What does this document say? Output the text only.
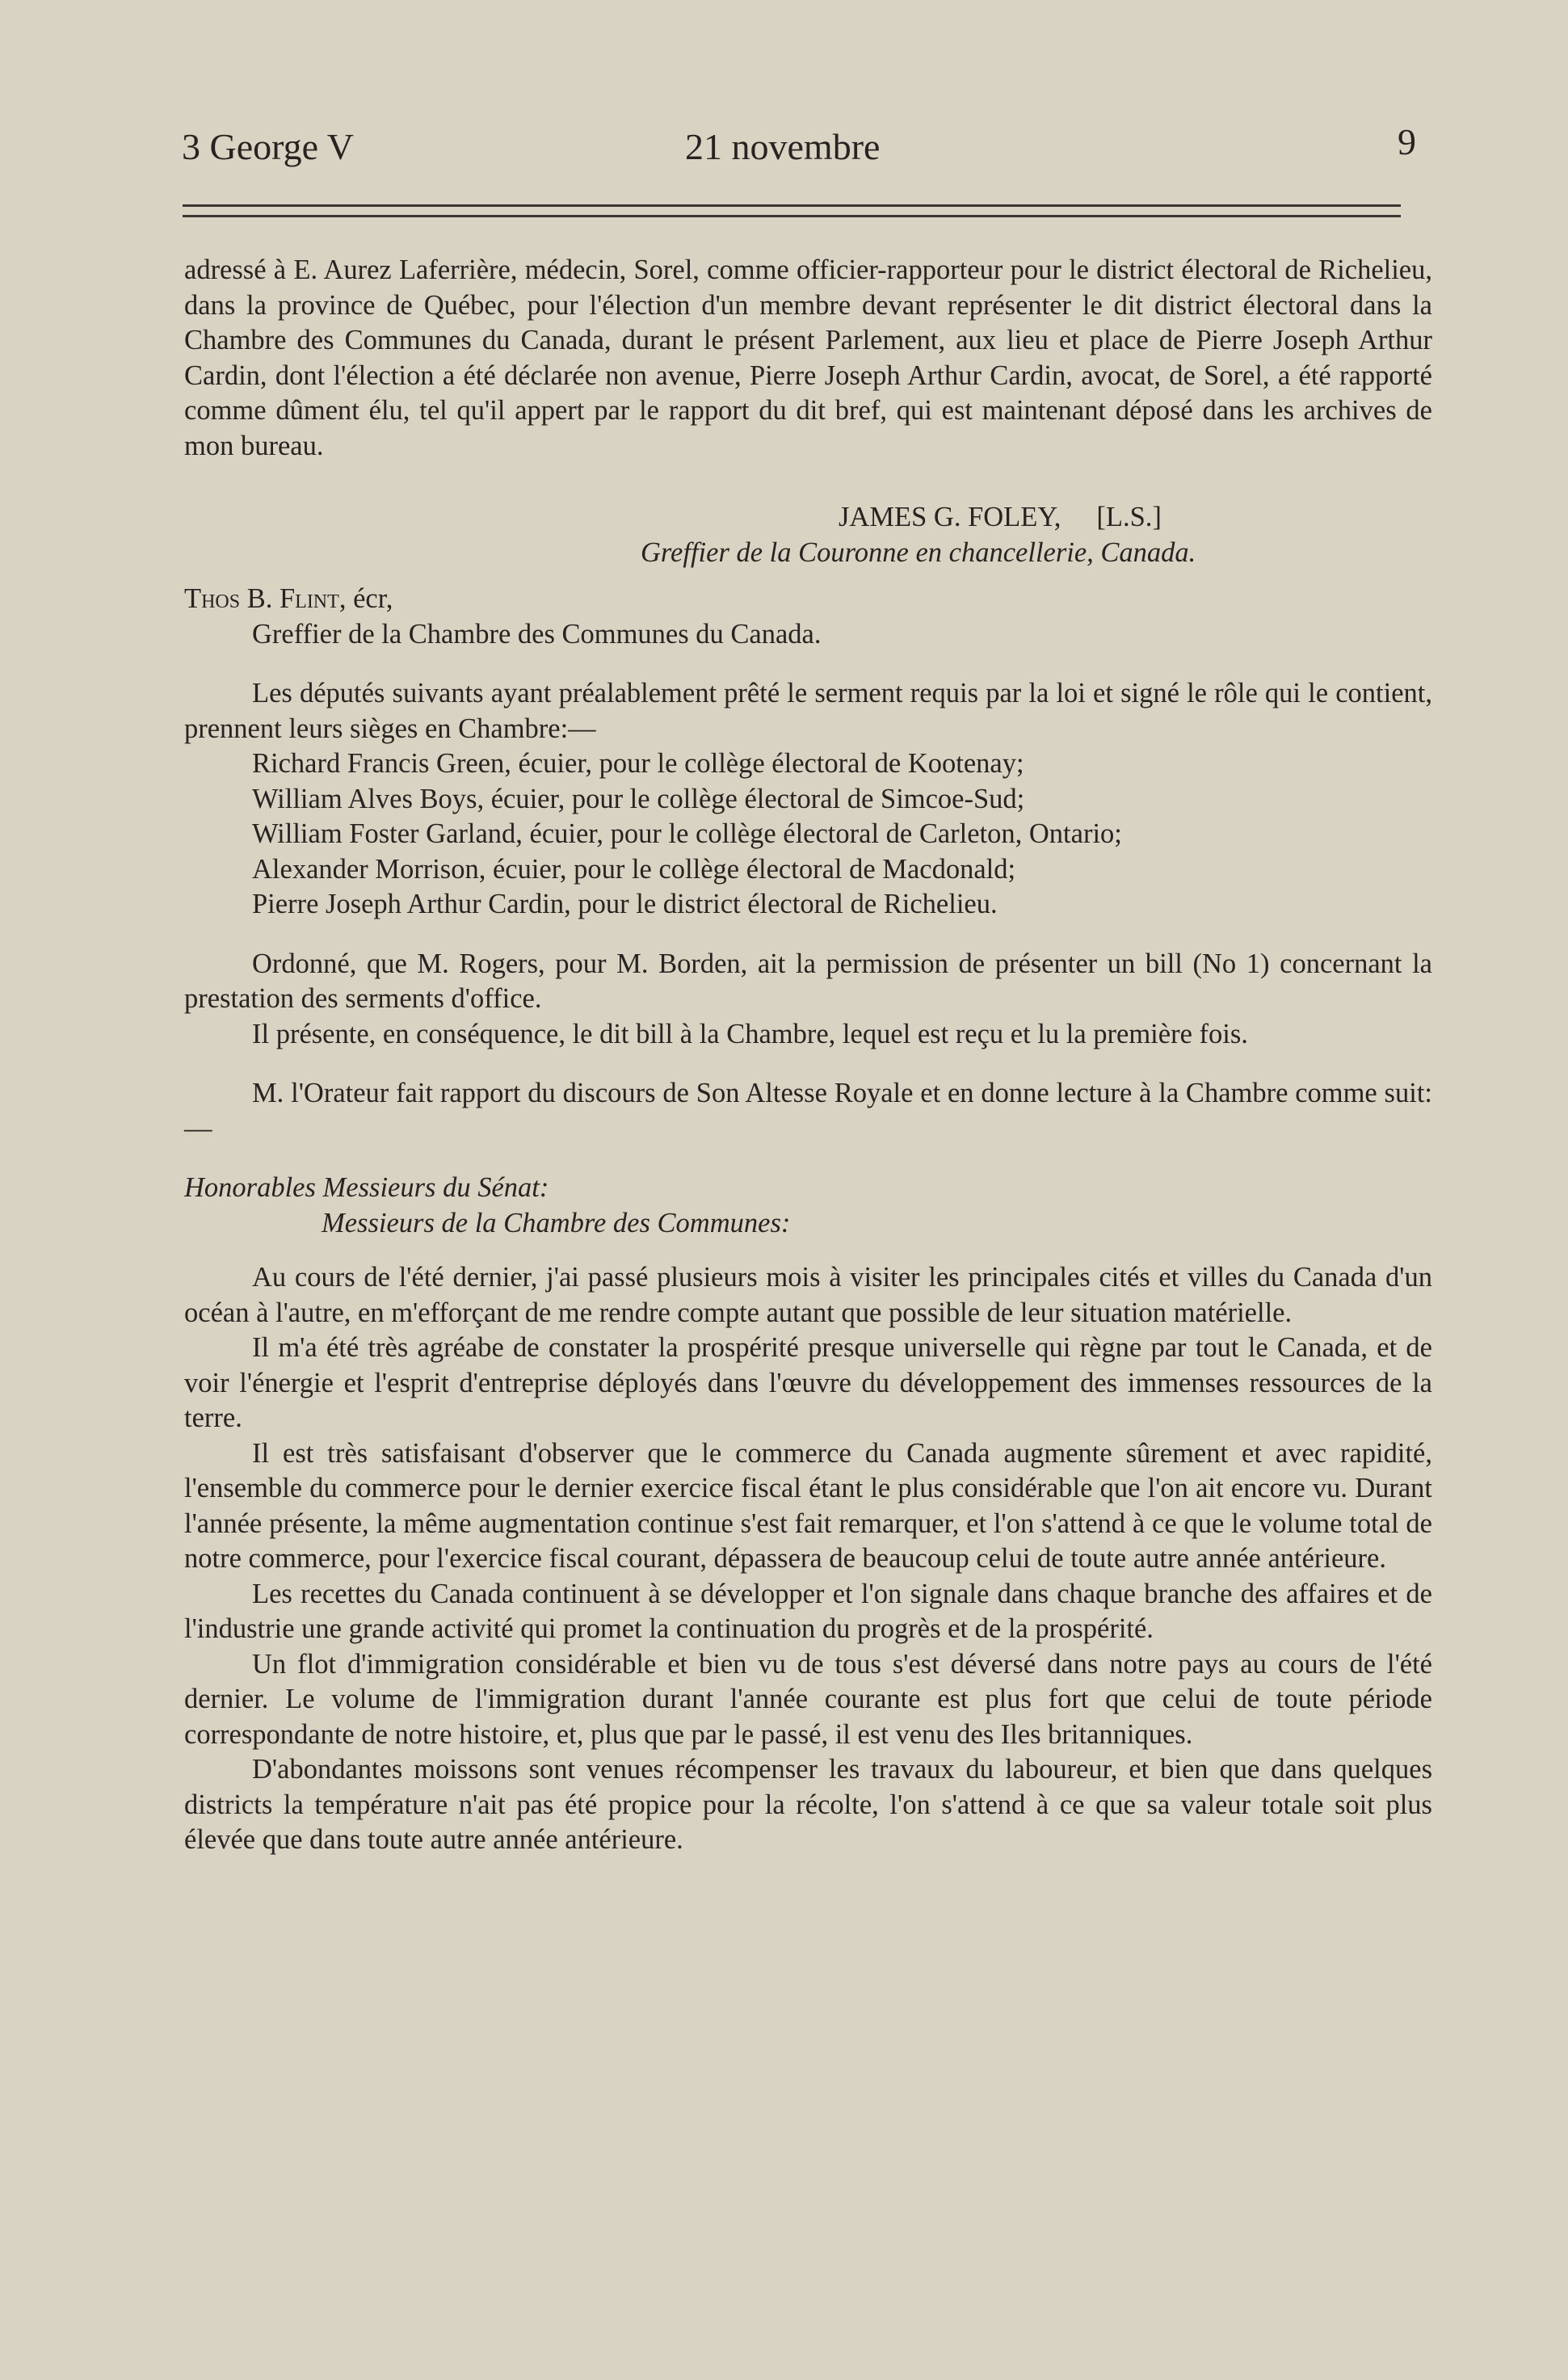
3 George V	21 novembre	9

adressé à E. Aurez Laferrière, médecin, Sorel, comme officier-rapporteur pour le district électoral de Richelieu, dans la province de Québec, pour l'élection d'un membre devant représenter le dit district électoral dans la Chambre des Communes du Canada, durant le présent Parlement, aux lieu et place de Pierre Joseph Arthur Cardin, dont l'élection a été déclarée non avenue, Pierre Joseph Arthur Cardin, avocat, de Sorel, a été rapporté comme dûment élu, tel qu'il appert par le rapport du dit bref, qui est maintenant déposé dans les archives de mon bureau.

JAMES G. FOLEY, [L.S.]
Greffier de la Couronne en chancellerie, Canada.
Thos B. Flint, écr,
Greffier de la Chambre des Communes du Canada.

Les députés suivants ayant préalablement prêté le serment requis par la loi et signé le rôle qui le contient, prennent leurs sièges en Chambre:—

Richard Francis Green, écuier, pour le collège électoral de Kootenay;
William Alves Boys, écuier, pour le collège électoral de Simcoe-Sud;
William Foster Garland, écuier, pour le collège électoral de Carleton, Ontario;
Alexander Morrison, écuier, pour le collège électoral de Macdonald;
Pierre Joseph Arthur Cardin, pour le district électoral de Richelieu.

Ordonné, que M. Rogers, pour M. Borden, ait la permission de présenter un bill (No 1) concernant la prestation des serments d'office.

Il présente, en conséquence, le dit bill à la Chambre, lequel est reçu et lu la première fois.

M. l'Orateur fait rapport du discours de Son Altesse Royale et en donne lecture à la Chambre comme suit:—

Honorables Messieurs du Sénat:
Messieurs de la Chambre des Communes:

Au cours de l'été dernier, j'ai passé plusieurs mois à visiter les principales cités et villes du Canada d'un océan à l'autre, en m'efforçant de me rendre compte autant que possible de leur situation matérielle.

Il m'a été très agréabe de constater la prospérité presque universelle qui règne par tout le Canada, et de voir l'énergie et l'esprit d'entreprise déployés dans l'œuvre du développement des immenses ressources de la terre.

Il est très satisfaisant d'observer que le commerce du Canada augmente sûrement et avec rapidité, l'ensemble du commerce pour le dernier exercice fiscal étant le plus considérable que l'on ait encore vu. Durant l'année présente, la même augmentation continue s'est fait remarquer, et l'on s'attend à ce que le volume total de notre commerce, pour l'exercice fiscal courant, dépassera de beaucoup celui de toute autre année antérieure.

Les recettes du Canada continuent à se développer et l'on signale dans chaque branche des affaires et de l'industrie une grande activité qui promet la continuation du progrès et de la prospérité.

Un flot d'immigration considérable et bien vu de tous s'est déversé dans notre pays au cours de l'été dernier. Le volume de l'immigration durant l'année courante est plus fort que celui de toute période correspondante de notre histoire, et, plus que par le passé, il est venu des Iles britanniques.

D'abondantes moissons sont venues récompenser les travaux du laboureur, et bien que dans quelques districts la température n'ait pas été propice pour la récolte, l'on s'attend à ce que sa valeur totale soit plus élevée que dans toute autre année antérieure.
